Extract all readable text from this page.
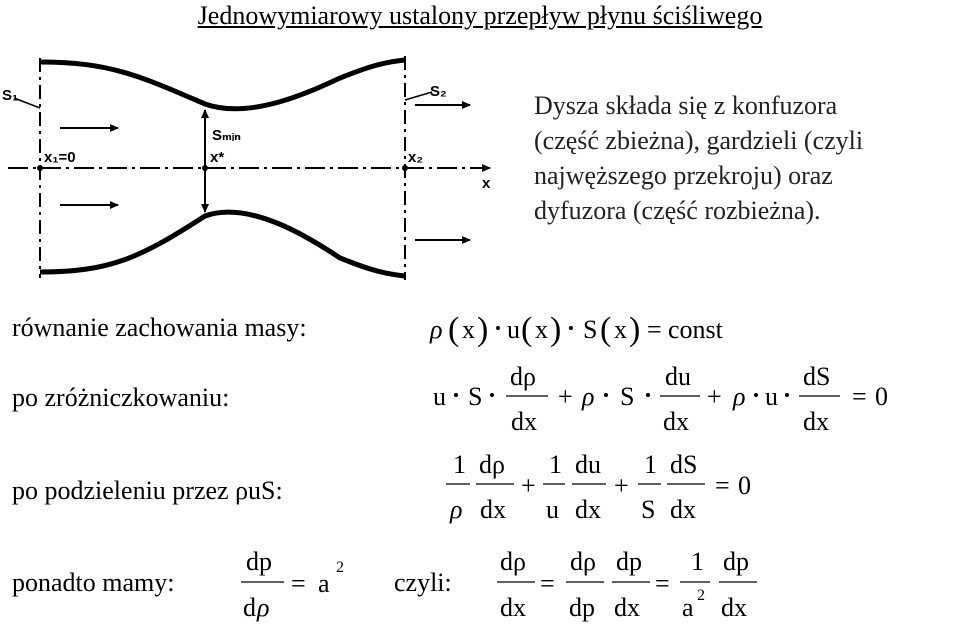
Jednowymiarowy ustalony przepływ płynu ściśliwego
S₁	S₂
Sₘᵢₙ
x₁=0	x*	x₂
x
Dysza składa się z konfuzora
(część zbieżna), gardzieli (czyli
najwęższego przekroju) oraz
dyfuzora (część rozbieżna).
równanie zachowania masy:
po zróżniczkowaniu:
po podzieleniu przez ρuS:
ponadto mamy:	czyli:
ρ ( x ) u ( x ) S ( x ) = const
u S
dρ
dx
+ ρ S
du
dx
+ ρ u
dS
dx
= 0
1
ρ
dρ
dx
+
1
u
du
dx
+
1
S
dS
dx
= 0
dp
d ρ
= a
2	dρ
dx
=
dρ
dp
dp
dx
=
1
a 2
dp
dx
